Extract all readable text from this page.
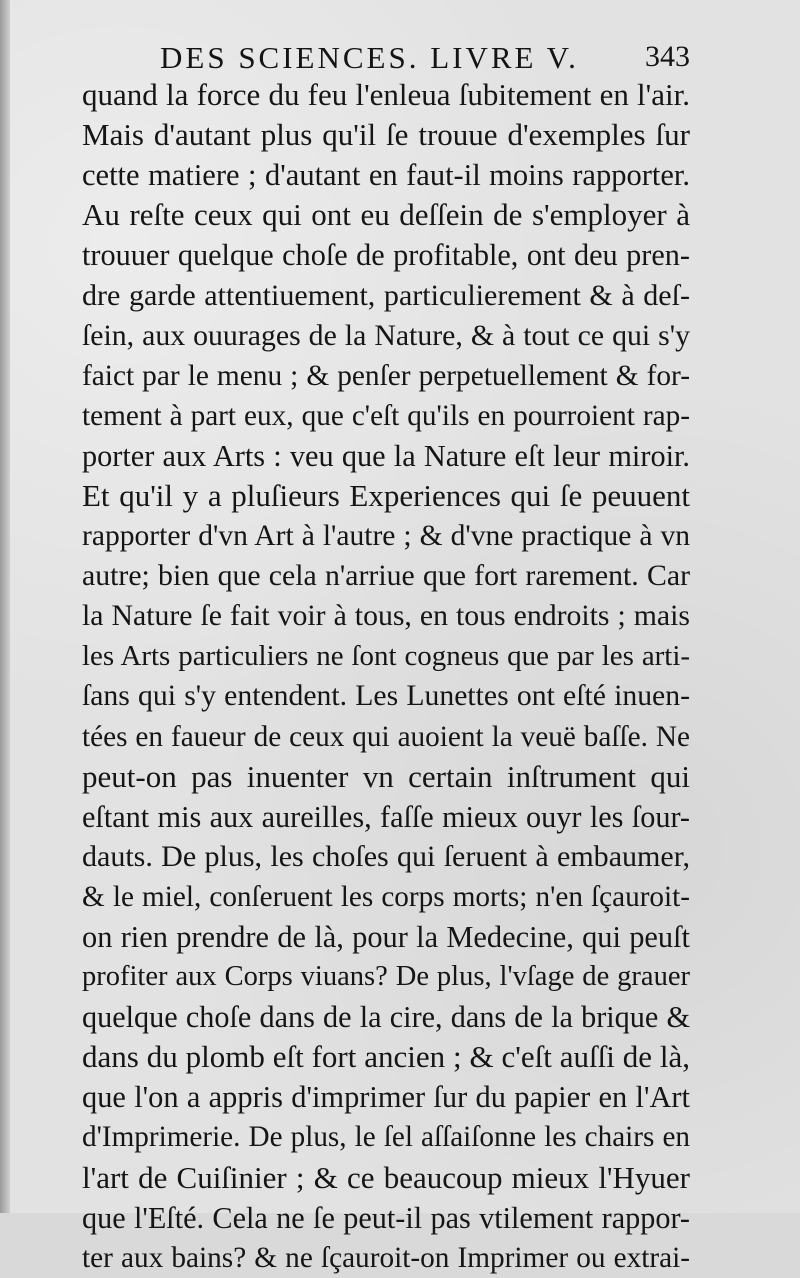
DES SCIENCES. LIVRE V. 343
quand la force du feu l'enleua ſubitement en l'air.
Mais d'autant plus qu'il ſe trouue d'exemples ſur
cette matiere ; d'autant en faut-il moins rapporter.
Au reſte ceux qui ont eu deſſein de s'employer à
trouuer quelque choſe de profitable, ont deu pren-
dre garde attentiuement, particulierement & à deſ-
ſein, aux ouurages de la Nature, & à tout ce qui s'y
faict par le menu ; & penſer perpetuellement & for-
tement à part eux, que c'eſt qu'ils en pourroient rap-
porter aux Arts : veu que la Nature eſt leur miroir.
Et qu'il y a pluſieurs Experiences qui ſe peuuent
rapporter d'vn Art à l'autre ; & d'vne practique à vn
autre; bien que cela n'arriue que fort rarement. Car
la Nature ſe fait voir à tous, en tous endroits ; mais
les Arts particuliers ne ſont cogneus que par les arti-
ſans qui s'y entendent. Les Lunettes ont eſté inuen-
tées en faueur de ceux qui auoient la veuë baſſe. Ne
peut-on pas inuenter vn certain inſtrument qui
eſtant mis aux aureilles, faſſe mieux ouyr les ſour-
dauts. De plus, les choſes qui ſeruent à embaumer,
& le miel, conſeruent les corps morts; n'en ſçauroit-
on rien prendre de là, pour la Medecine, qui peuſt
profiter aux Corps viuans? De plus, l'vſage de grauer
quelque choſe dans de la cire, dans de la brique &
dans du plomb eſt fort ancien ; & c'eſt auſſi de là,
que l'on a appris d'imprimer ſur du papier en l'Art
d'Imprimerie. De plus, le ſel aſſaiſonne les chairs en
l'art de Cuiſinier ; & ce beaucoup mieux l'Hyuer
que l'Eſté. Cela ne ſe peut-il pas vtilement rappor-
ter aux bains? & ne ſçauroit-on Imprimer ou extrai-
